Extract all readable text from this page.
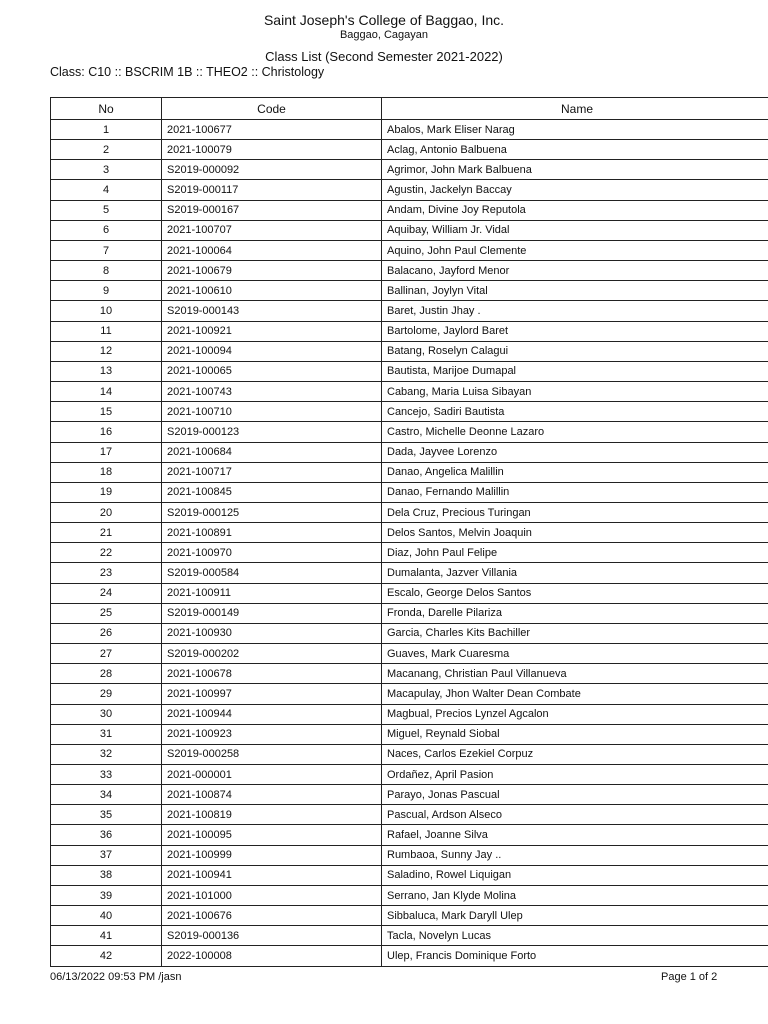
Saint Joseph's College of Baggao, Inc.
Baggao, Cagayan
Class List (Second Semester 2021-2022)
Class: C10 :: BSCRIM 1B :: THEO2 :: Christology
No	Code	Name
1	2021-100677	Abalos, Mark Eliser Narag
2	2021-100079	Aclag, Antonio Balbuena
3	S2019-000092	Agrimor, John Mark Balbuena
4	S2019-000117	Agustin, Jackelyn Baccay
5	S2019-000167	Andam, Divine Joy Reputola
6	2021-100707	Aquibay, William Jr. Vidal
7	2021-100064	Aquino, John Paul Clemente
8	2021-100679	Balacano, Jayford Menor
9	2021-100610	Ballinan, Joylyn Vital
10	S2019-000143	Baret, Justin Jhay .
11	2021-100921	Bartolome, Jaylord Baret
12	2021-100094	Batang, Roselyn Calagui
13	2021-100065	Bautista, Marijoe Dumapal
14	2021-100743	Cabang, Maria Luisa Sibayan
15	2021-100710	Cancejo, Sadiri Bautista
16	S2019-000123	Castro, Michelle Deonne Lazaro
17	2021-100684	Dada, Jayvee Lorenzo
18	2021-100717	Danao, Angelica Malillin
19	2021-100845	Danao, Fernando Malillin
20	S2019-000125	Dela Cruz, Precious Turingan
21	2021-100891	Delos Santos, Melvin Joaquin
22	2021-100970	Diaz, John Paul Felipe
23	S2019-000584	Dumalanta, Jazver Villania
24	2021-100911	Escalo, George Delos Santos
25	S2019-000149	Fronda, Darelle Pilariza
26	2021-100930	Garcia, Charles Kits Bachiller
27	S2019-000202	Guaves, Mark Cuaresma
28	2021-100678	Macanang, Christian Paul Villanueva
29	2021-100997	Macapulay, Jhon Walter Dean Combate
30	2021-100944	Magbual, Precios Lynzel Agcalon
31	2021-100923	Miguel, Reynald Siobal
32	S2019-000258	Naces, Carlos Ezekiel Corpuz
33	2021-000001	Ordañez, April Pasion
34	2021-100874	Parayo, Jonas Pascual
35	2021-100819	Pascual, Ardson Alseco
36	2021-100095	Rafael, Joanne Silva
37	2021-100999	Rumbaoa, Sunny Jay ..
38	2021-100941	Saladino, Rowel Liquigan
39	2021-101000	Serrano, Jan Klyde Molina
40	2021-100676	Sibbaluca, Mark Daryll Ulep
41	S2019-000136	Tacla, Novelyn Lucas
42	2022-100008	Ulep, Francis Dominique Forto
06/13/2022 09:53 PM /jasn	Page 1 of 2
